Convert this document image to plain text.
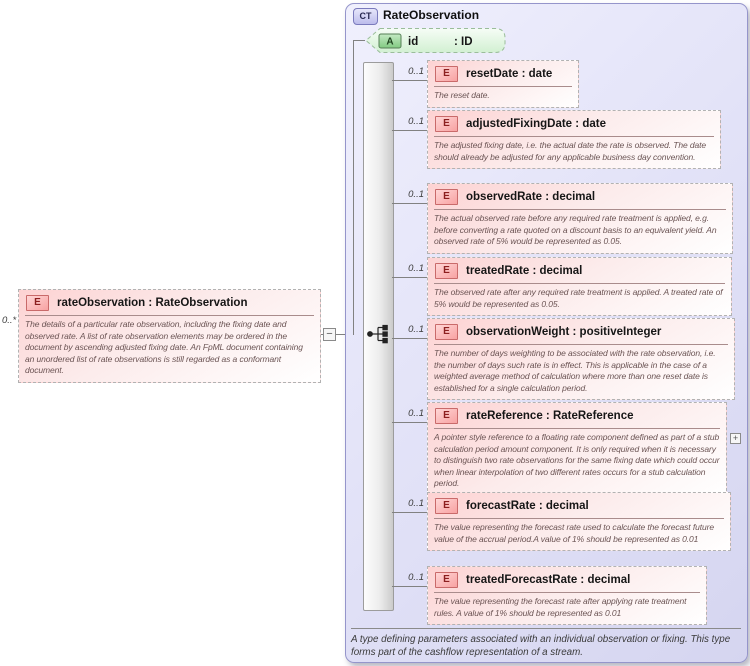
0..*
E	rateObservation : RateObservation
The details of a particular rate observation, including the fixing date and observed rate. A list of rate observation elements may be ordered in the document by ascending adjusted fixing date. An FpML document containing an unordered list of rate observations is still regarded as a conformant document.
−
CT RateObservation
A id	: ID
0..1	E	resetDate : date
The reset date.
0..1	E	adjustedFixingDate : date
The adjusted fixing date, i.e. the actual date the rate is observed. The date should already be adjusted for any applicable business day convention.
0..1	E	observedRate : decimal
The actual observed rate before any required rate treatment is applied, e.g. before converting a rate quoted on a discount basis to an equivalent yield. An observed rate of 5% would be represented as 0.05.
0..1	E	treatedRate : decimal
The observed rate after any required rate treatment is applied. A treated rate of 5% would be represented as 0.05.
0..1	E	observationWeight : positiveInteger
The number of days weighting to be associated with the rate observation, i.e. the number of days such rate is in effect. This is applicable in the case of a weighted average method of calculation where more than one reset date is established for a single calculation period.
0..1	E	rateReference : RateReference
A pointer style reference to a floating rate component defined as part of a stub calculation period amount component. It is only required when it is necessary to distinguish two rate observations for the same fixing date which could occur when linear interpolation of two different rates occurs for a stub calculation period.
+
0..1	E	forecastRate : decimal
The value representing the forecast rate used to calculate the forecast future value of the accrual period.A value of 1% should be represented as 0.01
0..1	E	treatedForecastRate : decimal
The value representing the forecast rate after applying rate treatment rules. A value of 1% should be represented as 0.01
A type defining parameters associated with an individual observation or fixing. This type forms part of the cashflow representation of a stream.
